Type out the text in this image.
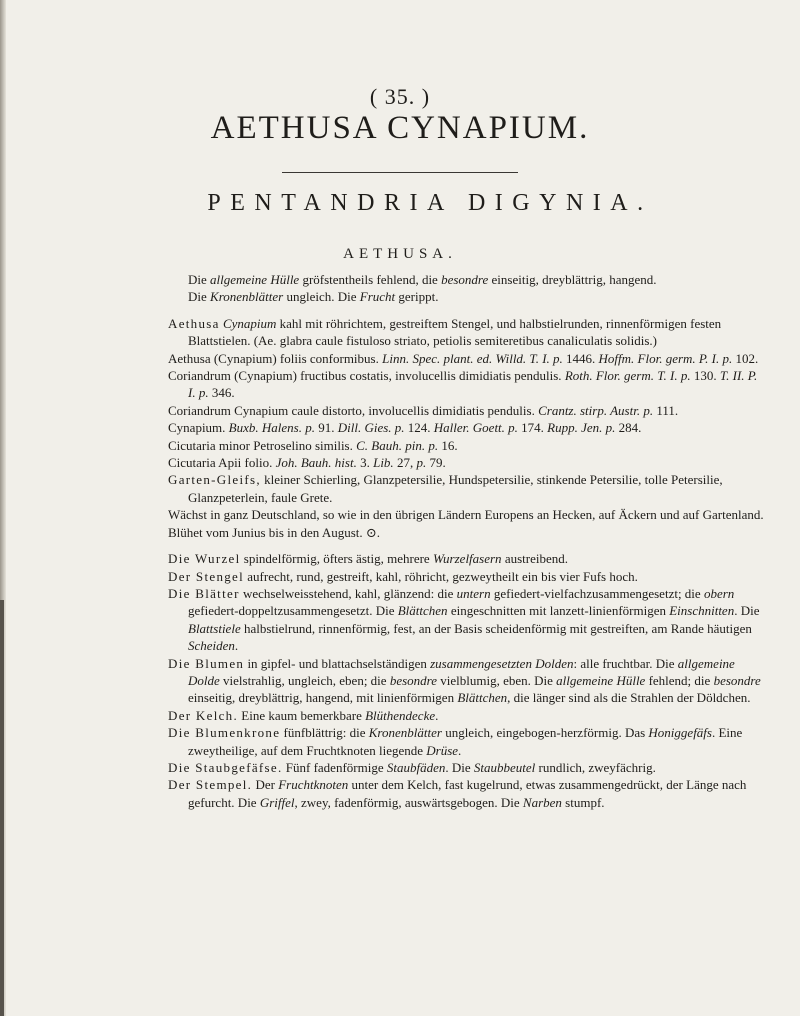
( 35. )
AETHUSA CYNAPIUM.
PENTANDRIA DIGYNIA.
AETHUSA.

Die allgemeine Hülle gröfstentheils fehlend, die besondre einseitig, dreyblättrig, hangend.
Die Kronenblätter ungleich. Die Frucht gerippt.

Aethusa Cynapium kahl mit röhrichtem, gestreiftem Stengel, und halbstielrunden, rinnenförmigen festen Blattstielen. (Ae. glabra caule fistuloso striato, petiolis semiteretibus canaliculatis solidis.)

Aethusa (Cynapium) foliis conformibus. Linn. Spec. plant. ed. Willd. T. I. p. 1446. Hoffm. Flor. germ. P. I. p. 102.

Coriandrum (Cynapium) fructibus costatis, involucellis dimidiatis pendulis. Roth. Flor. germ. T. I. p. 130. T. II. P. I. p. 346.

Coriandrum Cynapium caule distorto, involucellis dimidiatis pendulis. Crantz. stirp. Austr. p. 111.

Cynapium. Buxb. Halens. p. 91. Dill. Gies. p. 124. Haller. Goett. p. 174. Rupp. Jen. p. 284.

Cicutaria minor Petroselino similis. C. Bauh. pin. p. 16.

Cicutaria Apii folio. Joh. Bauh. hist. 3. Lib. 27, p. 79.

Garten-Gleifs, kleiner Schierling, Glanzpetersilie, Hundspetersilie, stinkende Petersilie, tolle Petersilie, Glanzpeterlein, faule Grete.

Wächst in ganz Deutschland, so wie in den übrigen Ländern Europens an Hecken, auf Äckern und auf Gartenland.

Blühet vom Junius bis in den August. ⊙.

Die Wurzel spindelförmig, öfters ästig, mehrere Wurzelfasern austreibend.

Der Stengel aufrecht, rund, gestreift, kahl, röhricht, gezweytheilt ein bis vier Fufs hoch.

Die Blätter wechselweisstehend, kahl, glänzend: die untern gefiedert-vielfachzusammengesetzt; die obern gefiedert-doppeltzusammengesetzt. Die Blättchen eingeschnitten mit lanzett-linienförmigen Einschnitten. Die Blattstiele halbstielrund, rinnenförmig, fest, an der Basis scheidenförmig mit gestreiften, am Rande häutigen Scheiden.

Die Blumen in gipfel- und blattachselständigen zusammengesetzten Dolden: alle fruchtbar. Die allgemeine Dolde vielstrahlig, ungleich, eben; die besondre vielblumig, eben. Die allgemeine Hülle fehlend; die besondre einseitig, dreyblättrig, hangend, mit linienförmigen Blättchen, die länger sind als die Strahlen der Döldchen.

Der Kelch. Eine kaum bemerkbare Blüthendecke.

Die Blumenkrone fünfblättrig: die Kronenblätter ungleich, eingebogen-herzförmig. Das Honiggefäfs. Eine zweytheilige, auf dem Fruchtknoten liegende Drüse.

Die Staubgefäfse. Fünf fadenförmige Staubfäden. Die Staubbeutel rundlich, zweyfächrig.

Der Stempel. Der Fruchtknoten unter dem Kelch, fast kugelrund, etwas zusammengedrückt, der Länge nach gefurcht. Die Griffel, zwey, fadenförmig, auswärtsgebogen. Die Narben stumpf.
